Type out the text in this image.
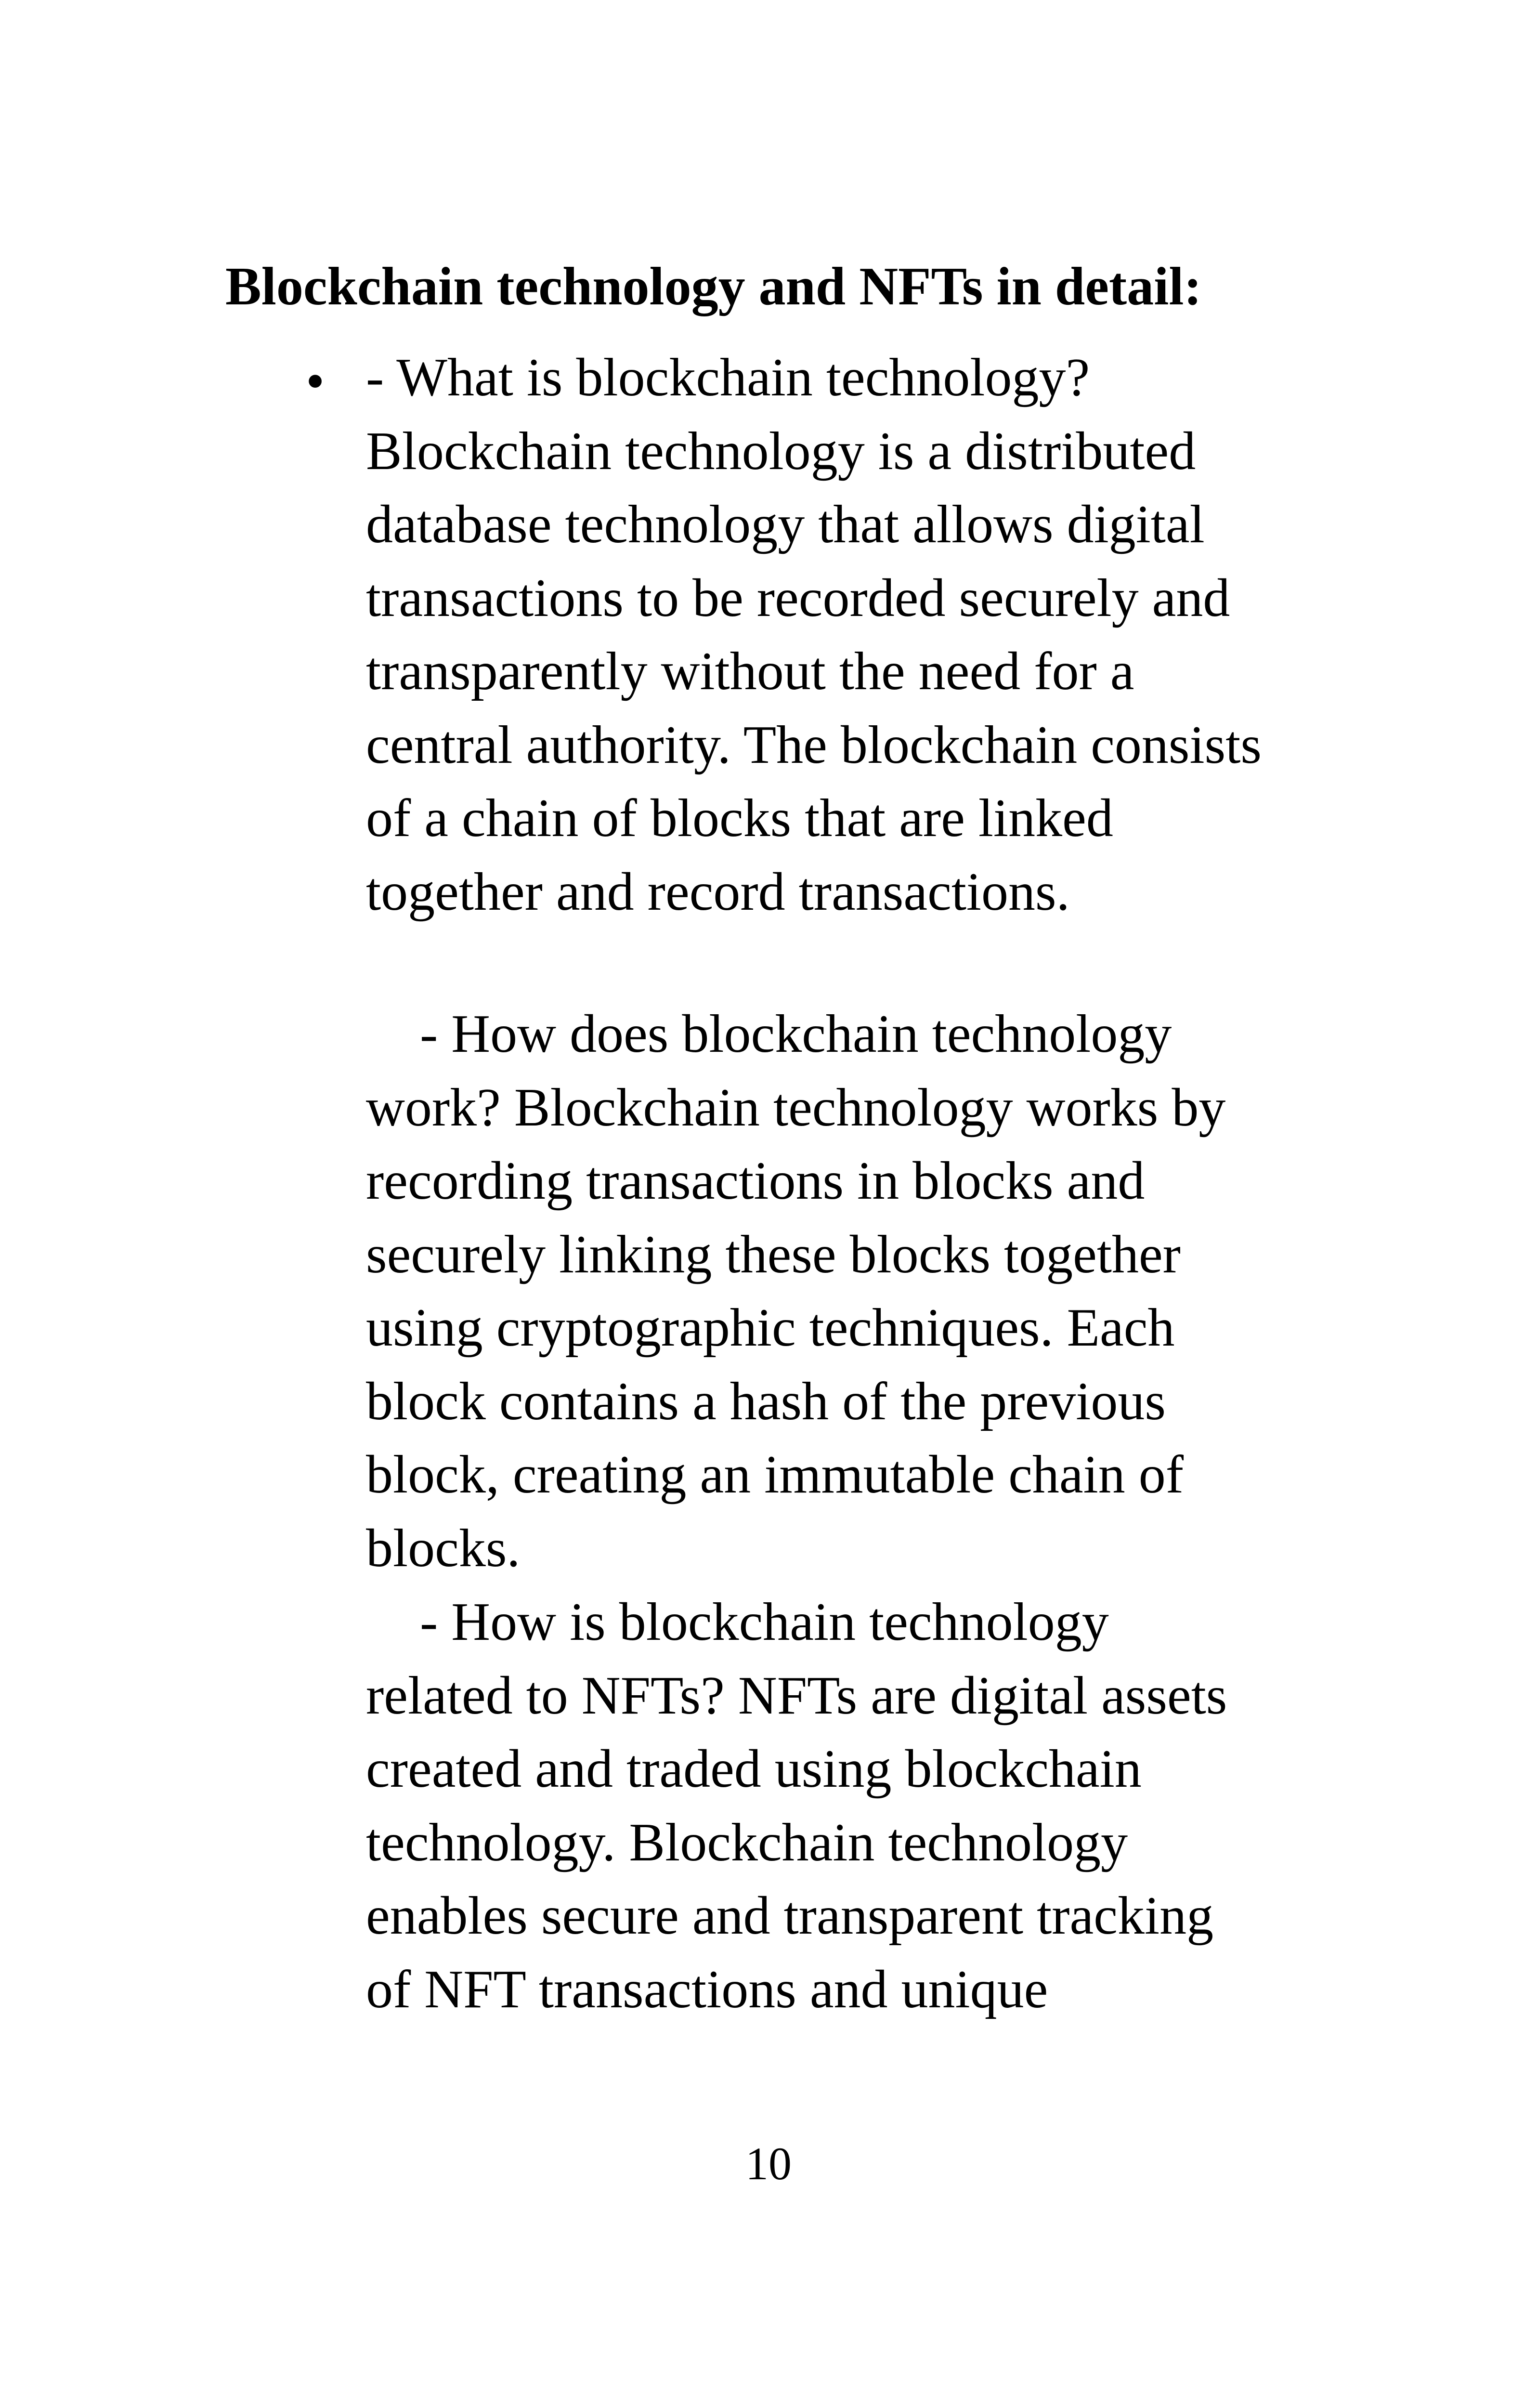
Blockchain technology and NFTs in detail:
• - What is blockchain technology?
Blockchain technology is a distributed
database technology that allows digital
transactions to be recorded securely and
transparently without the need for a
central authority. The blockchain consists
of a chain of blocks that are linked
together and record transactions.
- How does blockchain technology
work? Blockchain technology works by
recording transactions in blocks and
securely linking these blocks together
using cryptographic techniques. Each
block contains a hash of the previous
block, creating an immutable chain of
blocks.
- How is blockchain technology
related to NFTs? NFTs are digital assets
created and traded using blockchain
technology. Blockchain technology
enables secure and transparent tracking
of NFT transactions and unique
10
